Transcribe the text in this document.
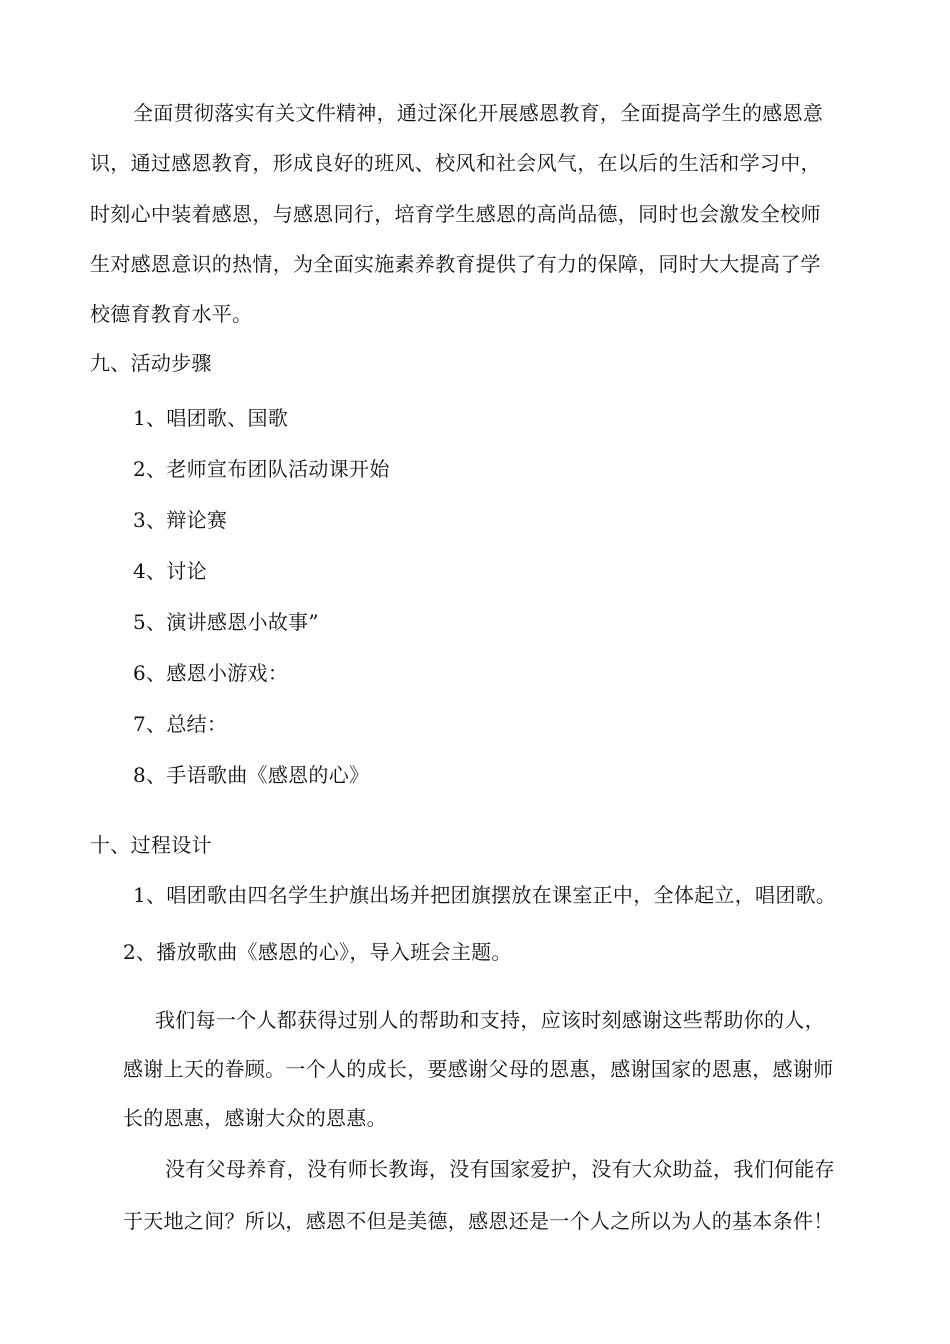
全面贯彻落实有关文件精神，通过深化开展感恩教育，全面提高学生的感恩意
识，通过感恩教育，形成良好的班风、校风和社会风气，在以后的生活和学习中，
时刻心中装着感恩，与感恩同行，培育学生感恩的高尚品德，同时也会激发全校师
生对感恩意识的热情，为全面实施素养教育提供了有力的保障，同时大大提高了学
校德育教育水平。
九、活动步骤
1、唱团歌、国歌
2、老师宣布团队活动课开始
3、辩论赛
4、讨论
5、演讲感恩小故事”
6、感恩小游戏：
7、总结：
8、手语歌曲《感恩的心》
十、过程设计
1、唱团歌由四名学生护旗出场并把团旗摆放在课室正中，全体起立，唱团歌。
2、播放歌曲《感恩的心》，导入班会主题。
我们每一个人都获得过别人的帮助和支持，应该时刻感谢这些帮助你的人，
感谢上天的眷顾。一个人的成长，要感谢父母的恩惠，感谢国家的恩惠，感谢师
长的恩惠，感谢大众的恩惠。
没有父母养育，没有师长教诲，没有国家爱护，没有大众助益，我们何能存
于天地之间？所以，感恩不但是美德，感恩还是一个人之所以为人的基本条件！
